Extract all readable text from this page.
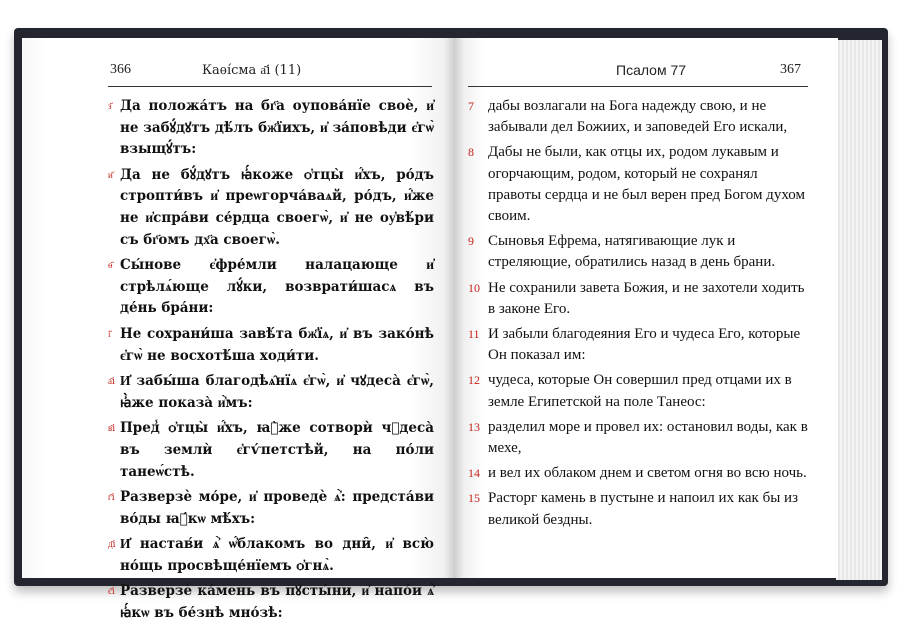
366	Каѳі́сма а҃і (11)
з҃ Да положа́тъ на бг҃а оупова́нїе своѐ, и҆ не забꙋ́дꙋтъ дѣ́лъ бж҃їихъ, и҆ за́повѣди є҆гѡ̀ взыщꙋ́тъ:
и҃ Да не бꙋ́дꙋтъ ꙗ҆́коже ѻ҆тцы̀ и҆́хъ, ро́дъ стропти́въ и҆ преѡгорча́ваѧй, ро́дъ, и҆́же не и҆спра́ви се́рдца своегѡ̀, и҆ не оу҆вѣ́ри съ бг҃омъ дх҃а своегѡ̀.
ѳ҃ Сы́нове є҆фре́мли налацающе и҆ стрѣлѧ́юще лꙋ́ки, возврати́шасѧ въ де́нь бра́ни:
і҃ Не сохрани́ша завѣ́та бж҃їѧ, и҆ въ зако́нѣ є҆гѡ̀ не восхотѣ́ша ходи́ти.
а҃і И҆ забы́ша благодѣѧ̑нїѧ є҆гѡ̀, и҆ чꙋдеса̀ є҆гѡ̀, ꙗ҆̀же показа̀ и҆̀мъ:
в҃і Пред̾ ѻ҆тцы̀ и҆́хъ, ꙗ҆̀же сотворѝ чꙋдеса̀ въ землѝ є҆гѵ́петстѣй, на по́ли танеѡ́стѣ.
г҃і Разверзѐ мо́ре, и҆ проведѐ ѧ҆̀: предста́ви во́ды ꙗ҆́кѡ мѣ́хъ:
д҃і И҆ настав́и ѧ҆̀ ѡ҆́блакомъ во дни̑, и҆ всю̀ но́щь просвѣще́нїемъ ѻ҆гнѧ̀.
є҃і Разверзѐ ка́мень въ пꙋсты́ни, и҆ напо́и ѧ҆̀ ꙗ҆́кѡ въ бе́знѣ мно́зѣ:
Псалом 77	367
7 дабы возлагали на Бога надежду свою, и не забывали дел Божиих, и заповедей Его искали,
8 Дабы не были, как отцы их, родом лукавым и огорчающим, родом, который не сохранял правоты сердца и не был верен пред Богом духом своим.
9 Сыновья Ефрема, натягивающие лук и стреляющие, обратились назад в день брани.
10 Не сохранили завета Божия, и не захотели ходить в законе Его.
11 И забыли благодеяния Его и чудеса Его, которые Он показал им:
12 чудеса, которые Он совершил пред отцами их в земле Египетской на поле Танеос:
13 разделил море и провел их: остановил воды, как в мехе,
14 и вел их облаком днем и светом огня во всю ночь.
15 Расторг камень в пустыне и напоил их как бы из великой бездны.
